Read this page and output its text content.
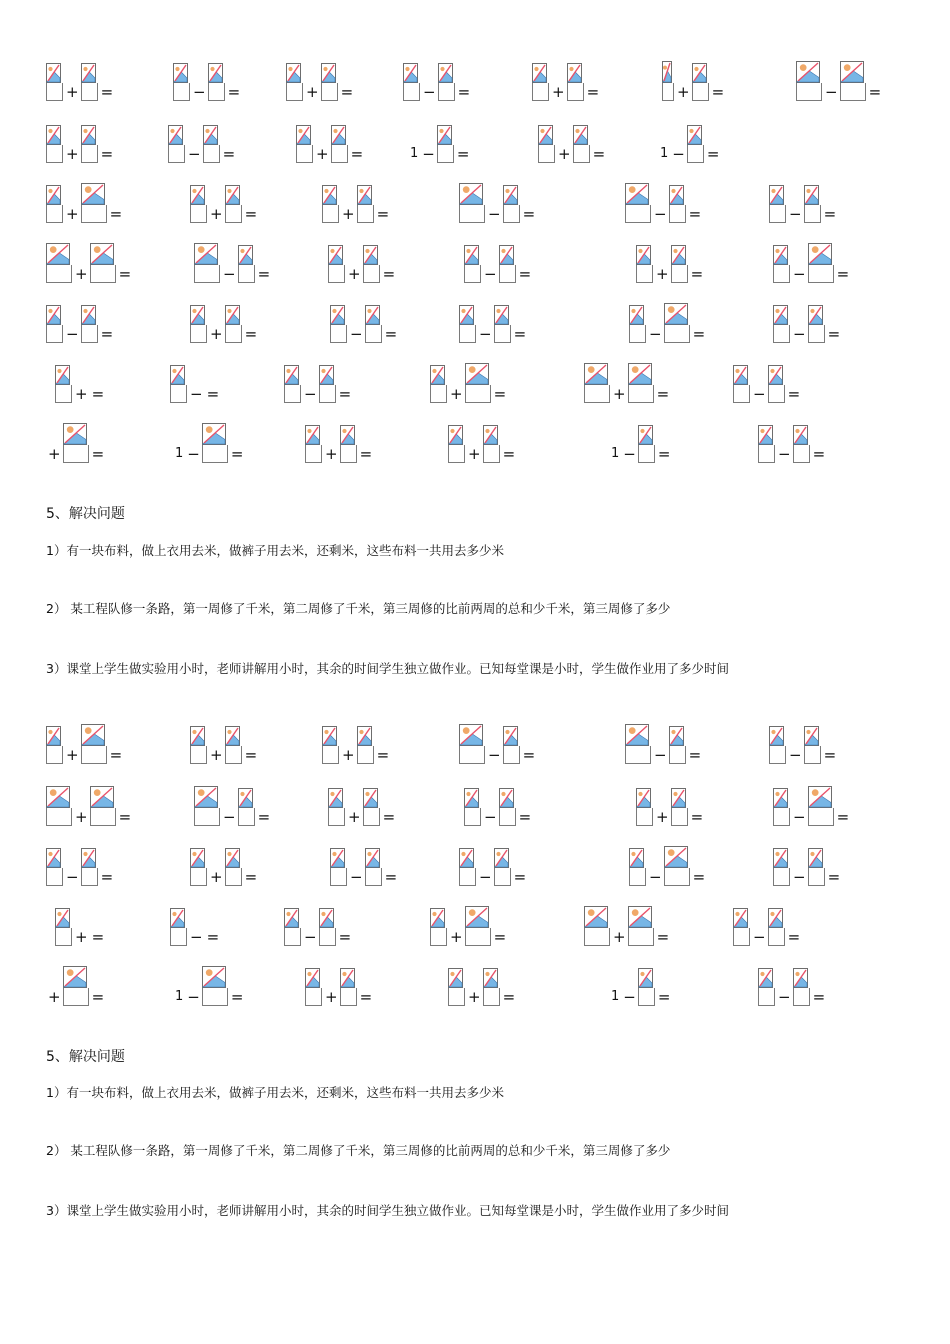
+ =	− =	+ =	− =	+ =	+ =	− =
+ =	− =	+ =	1 − =	+ =	1 − =
+ =	+ =	+ =	− =	− =	− =
+ =	− =	+ =	− =	+ =	− =
− =	+ =	− =	− =	− =	− =
+ =	− =	− =	+ =	+ =	− =
+ =	1 − =	+ =	+ =	1 − =	− =
5、解决问题
1）有一块布料，做上衣用去米，做裤子用去米，还剩米，这些布料一共用去多少米
2） 某工程队修一条路，第一周修了千米，第二周修了千米，第三周修的比前两周的总和少千米，第三周修了多少
3）课堂上学生做实验用小时，老师讲解用小时，其余的时间学生独立做作业。已知每堂课是小时，学生做作业用了多少时间
+ =	+ =	+ =	− =	− =	− =
+ =	− =	+ =	− =	+ =	− =
− =	+ =	− =	− =	− =	− =
+ =	− =	− =	+ =	+ =	− =
+ =	1 − =	+ =	+ =	1 − =	− =
5、解决问题
1）有一块布料，做上衣用去米，做裤子用去米，还剩米，这些布料一共用去多少米
2） 某工程队修一条路，第一周修了千米，第二周修了千米，第三周修的比前两周的总和少千米，第三周修了多少
3）课堂上学生做实验用小时，老师讲解用小时，其余的时间学生独立做作业。已知每堂课是小时，学生做作业用了多少时间
